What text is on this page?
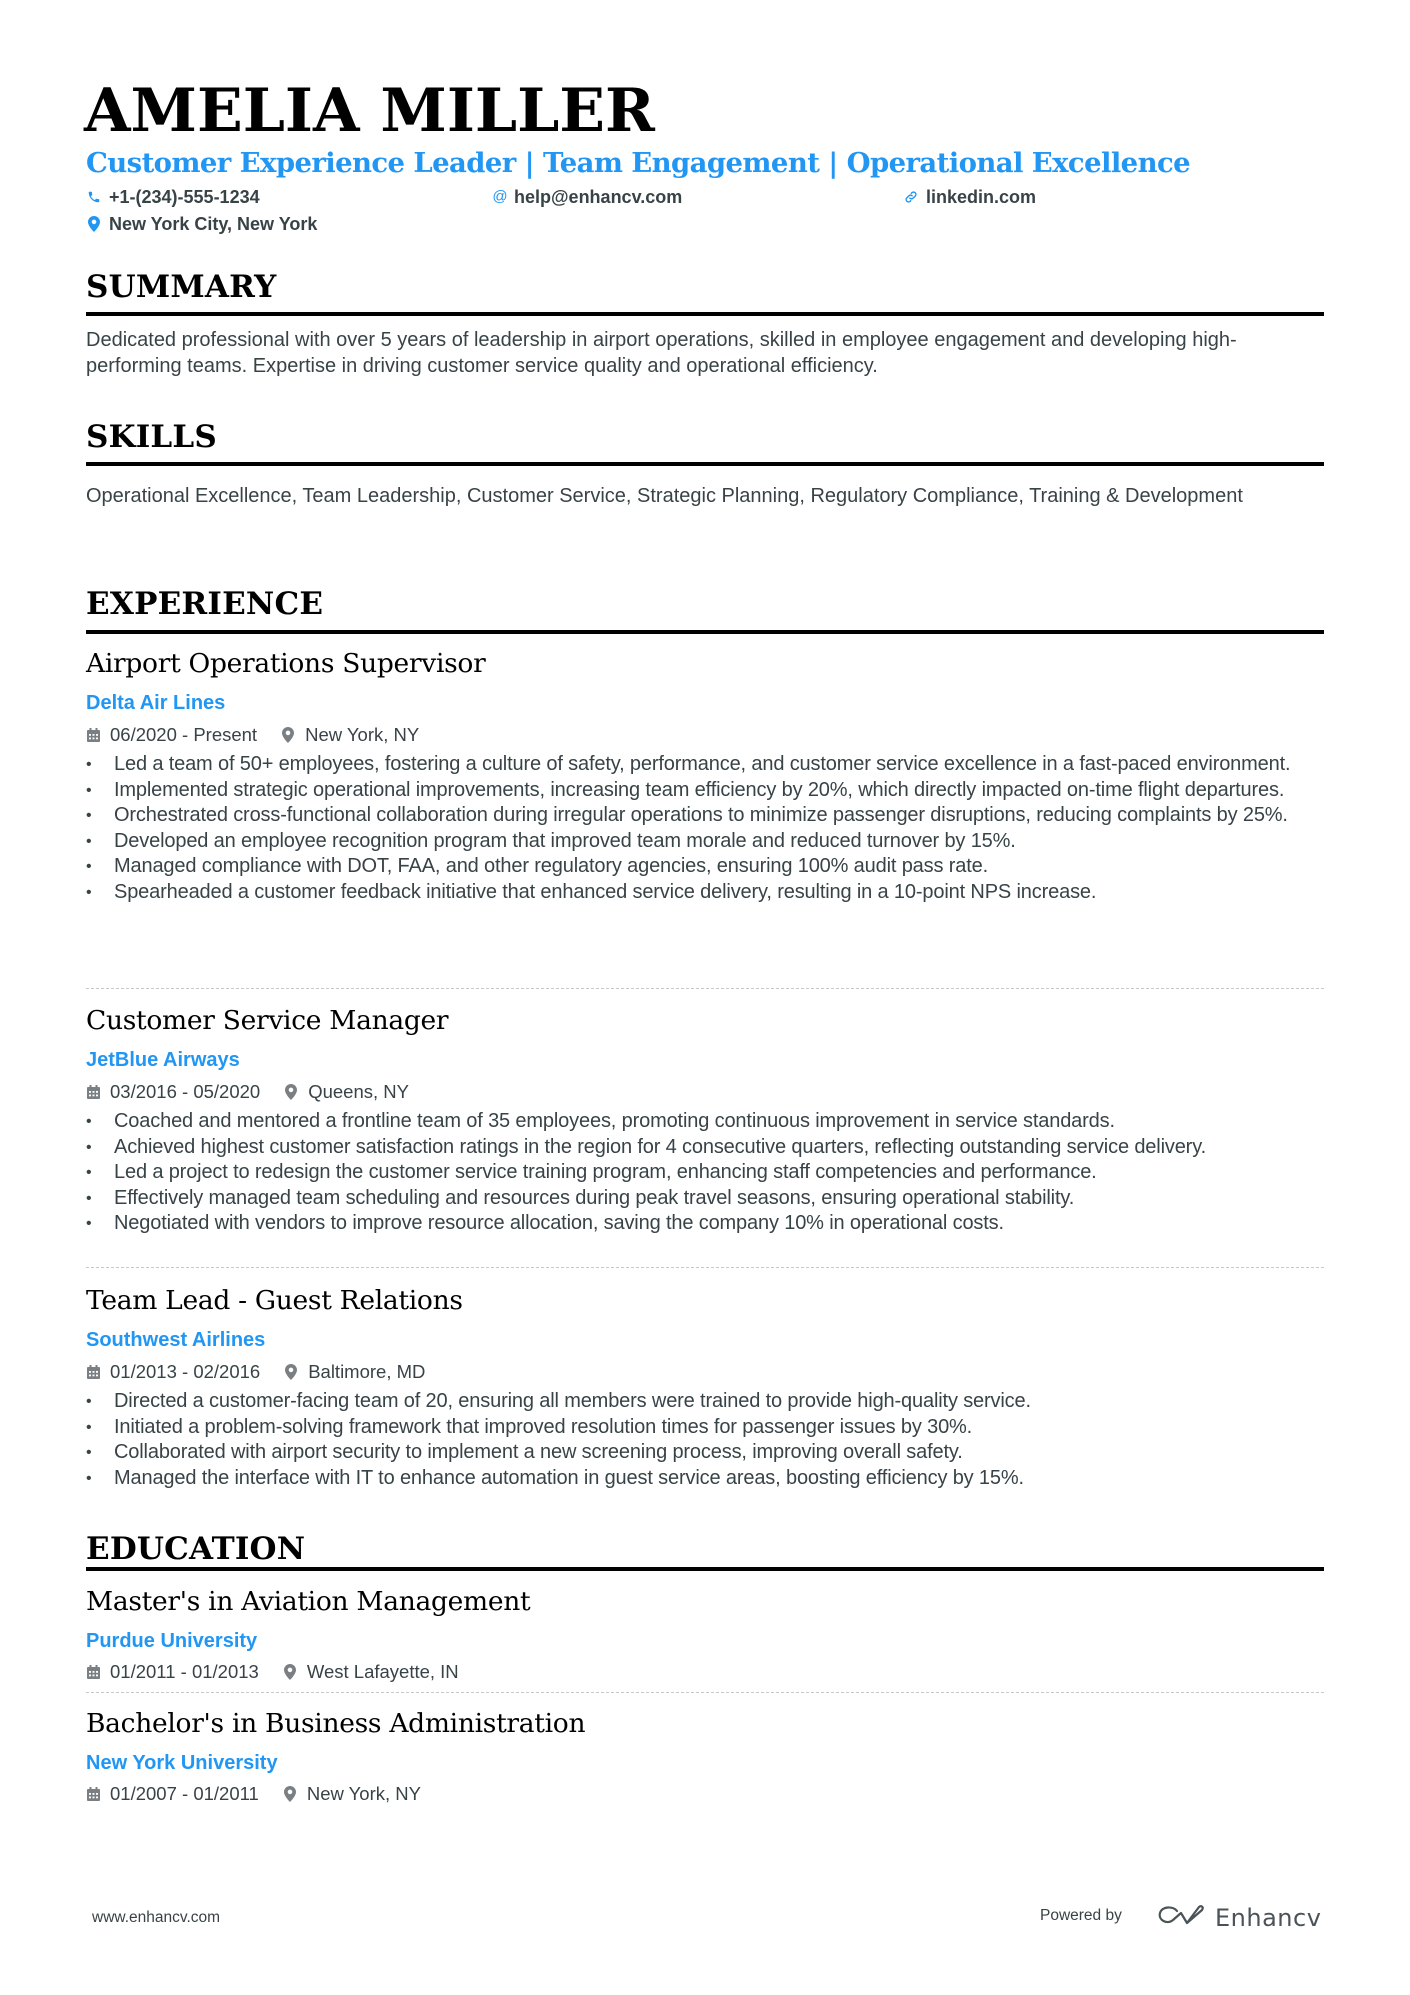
AMELIA MILLER
Customer Experience Leader | Team Engagement | Operational Excellence
+1-(234)-555-1234	@ help@enhancv.com	linkedin.com
New York City, New York
SUMMARY
Dedicated professional with over 5 years of leadership in airport operations, skilled in employee engagement and developing high-performing teams. Expertise in driving customer service quality and operational efficiency.
SKILLS
Operational Excellence, Team Leadership, Customer Service, Strategic Planning, Regulatory Compliance, Training & Development
EXPERIENCE
Airport Operations Supervisor
Delta Air Lines
06/2020 - Present	New York, NY
• Led a team of 50+ employees, fostering a culture of safety, performance, and customer service excellence in a fast-paced environment.
• Implemented strategic operational improvements, increasing team efficiency by 20%, which directly impacted on-time flight departures.
• Orchestrated cross-functional collaboration during irregular operations to minimize passenger disruptions, reducing complaints by 25%.
• Developed an employee recognition program that improved team morale and reduced turnover by 15%.
• Managed compliance with DOT, FAA, and other regulatory agencies, ensuring 100% audit pass rate.
• Spearheaded a customer feedback initiative that enhanced service delivery, resulting in a 10-point NPS increase.
Customer Service Manager
JetBlue Airways
03/2016 - 05/2020	Queens, NY
• Coached and mentored a frontline team of 35 employees, promoting continuous improvement in service standards.
• Achieved highest customer satisfaction ratings in the region for 4 consecutive quarters, reflecting outstanding service delivery.
• Led a project to redesign the customer service training program, enhancing staff competencies and performance.
• Effectively managed team scheduling and resources during peak travel seasons, ensuring operational stability.
• Negotiated with vendors to improve resource allocation, saving the company 10% in operational costs.
Team Lead - Guest Relations
Southwest Airlines
01/2013 - 02/2016	Baltimore, MD
• Directed a customer-facing team of 20, ensuring all members were trained to provide high-quality service.
• Initiated a problem-solving framework that improved resolution times for passenger issues by 30%.
• Collaborated with airport security to implement a new screening process, improving overall safety.
• Managed the interface with IT to enhance automation in guest service areas, boosting efficiency by 15%.
EDUCATION
Master's in Aviation Management
Purdue University
01/2011 - 01/2013	West Lafayette, IN
Bachelor's in Business Administration
New York University
01/2007 - 01/2011	New York, NY
www.enhancv.com	Powered by	Enhancv
